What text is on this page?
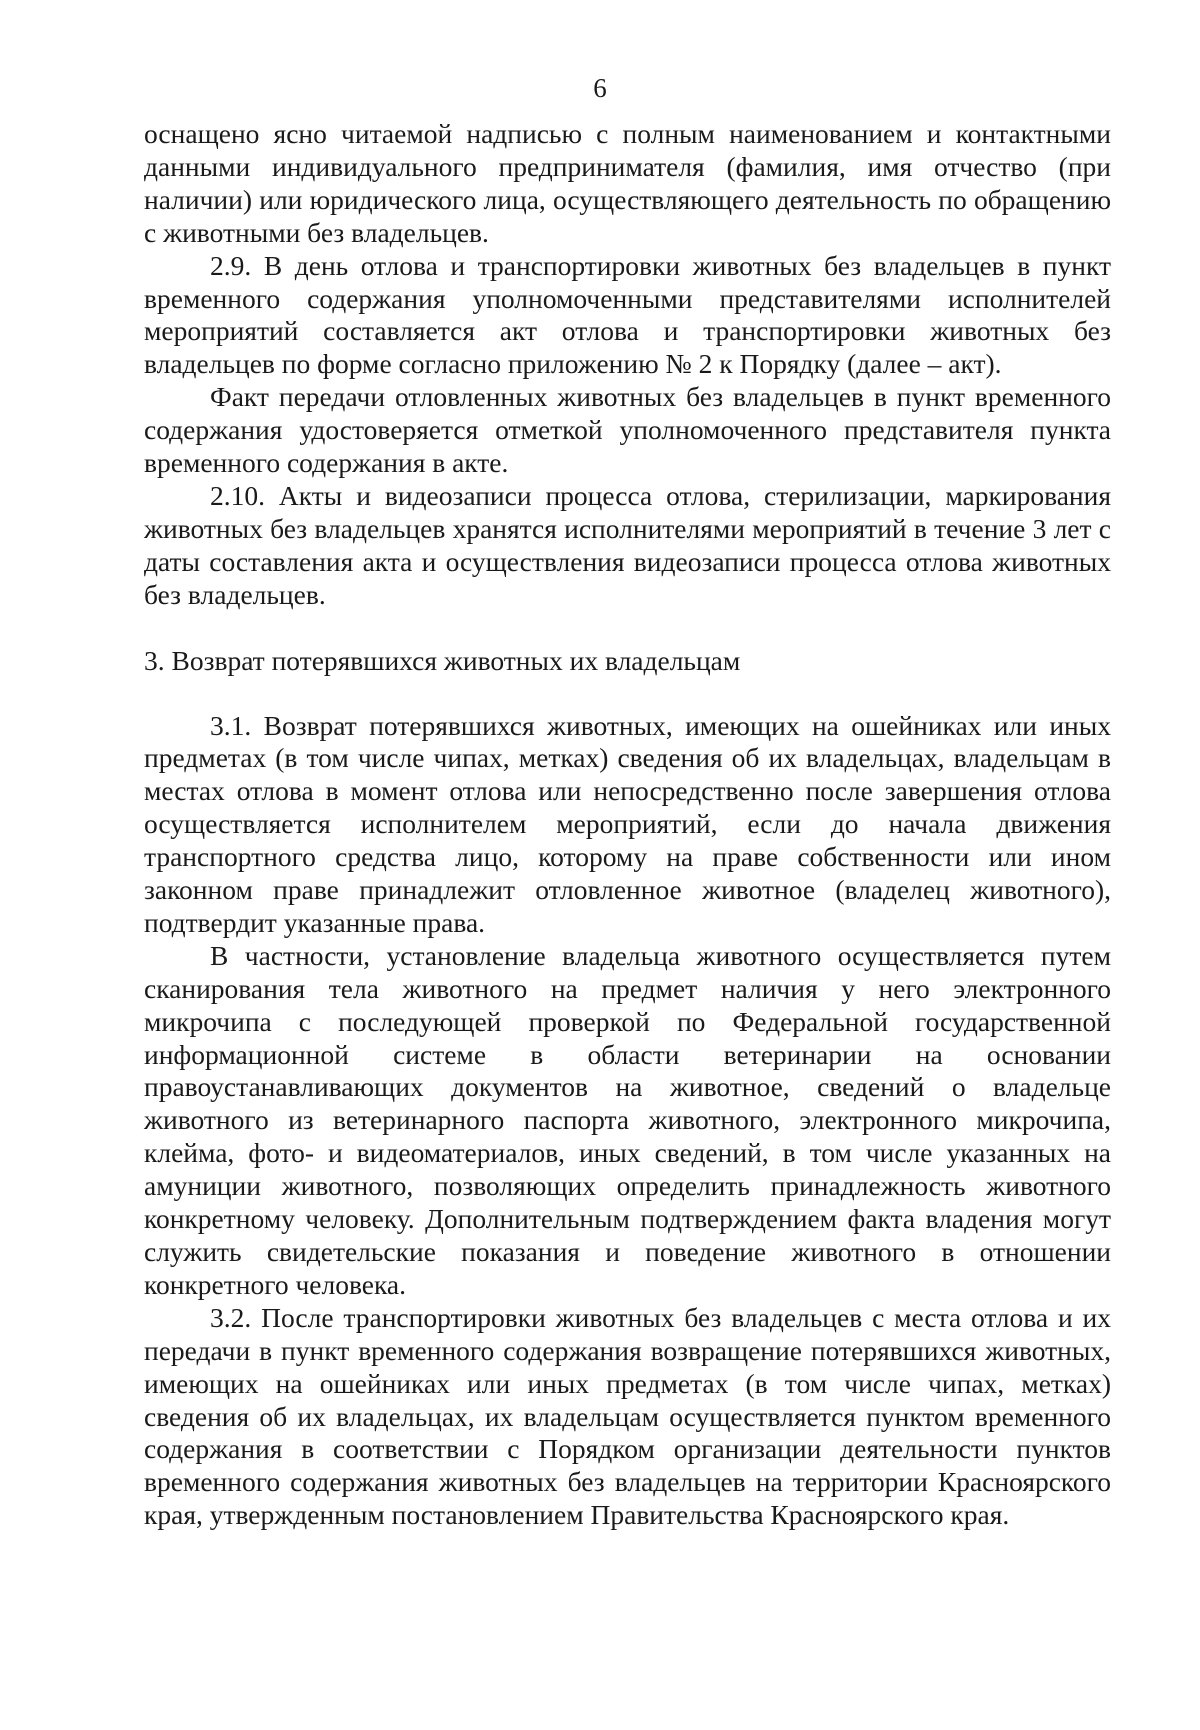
6

оснащено ясно читаемой надписью с полным наименованием и контактными данными индивидуального предпринимателя (фамилия, имя отчество (при наличии) или юридического лица, осуществляющего деятельность по обращению с животными без владельцев.

2.9. В день отлова и транспортировки животных без владельцев в пункт временного содержания уполномоченными представителями исполнителей мероприятий составляется акт отлова и транспортировки животных без владельцев по форме согласно приложению № 2 к Порядку (далее – акт).

Факт передачи отловленных животных без владельцев в пункт временного содержания удостоверяется отметкой уполномоченного представителя пункта временного содержания в акте.

2.10. Акты и видеозаписи процесса отлова, стерилизации, маркирования животных без владельцев хранятся исполнителями мероприятий в течение 3 лет с даты составления акта и осуществления видеозаписи процесса отлова животных без владельцев.

3. Возврат потерявшихся животных их владельцам

3.1. Возврат потерявшихся животных, имеющих на ошейниках или иных предметах (в том числе чипах, метках) сведения об их владельцах, владельцам в местах отлова в момент отлова или непосредственно после завершения отлова осуществляется исполнителем мероприятий, если до начала движения транспортного средства лицо, которому на праве собственности или ином законном праве принадлежит отловленное животное (владелец животного), подтвердит указанные права.

В частности, установление владельца животного осуществляется путем сканирования тела животного на предмет наличия у него электронного микрочипа с последующей проверкой по Федеральной государственной информационной системе в области ветеринарии на основании правоустанавливающих документов на животное, сведений о владельце животного из ветеринарного паспорта животного, электронного микрочипа, клейма, фото- и видеоматериалов, иных сведений, в том числе указанных на амуниции животного, позволяющих определить принадлежность животного конкретному человеку. Дополнительным подтверждением факта владения могут служить свидетельские показания и поведение животного в отношении конкретного человека.

3.2. После транспортировки животных без владельцев с места отлова и их передачи в пункт временного содержания возвращение потерявшихся животных, имеющих на ошейниках или иных предметах (в том числе чипах, метках) сведения об их владельцах, их владельцам осуществляется пунктом временного содержания в соответствии с Порядком организации деятельности пунктов временного содержания животных без владельцев на территории Красноярского края, утвержденным постановлением Правительства Красноярского края.
